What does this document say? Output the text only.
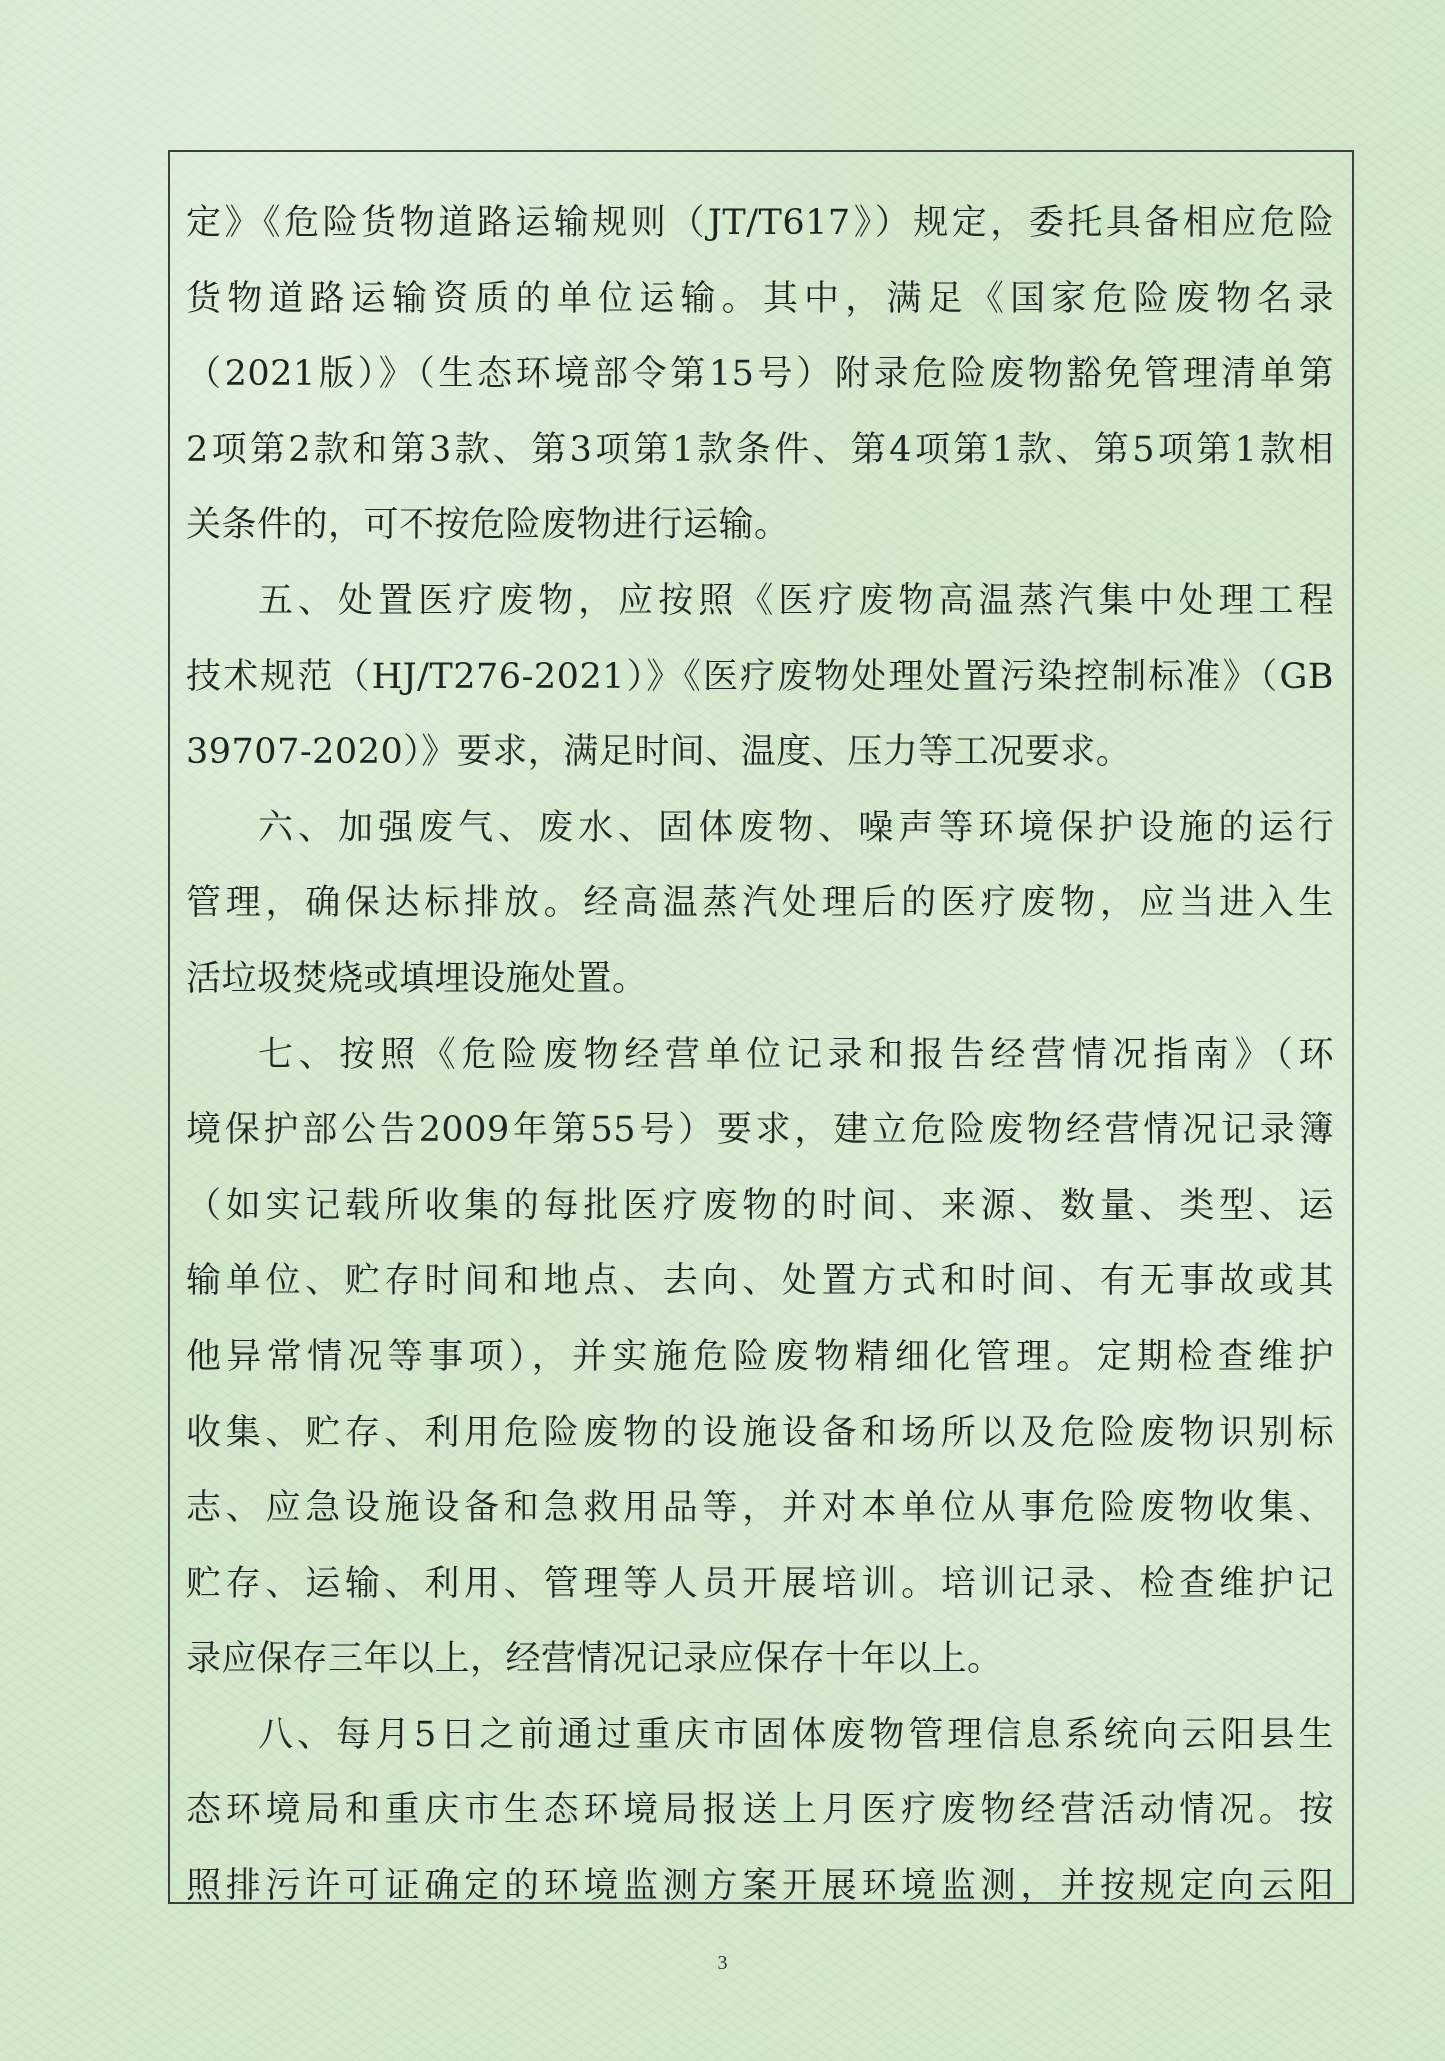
定》《危险货物道路运输规则（JT/T617》）规定，委托具备相应危险
货物道路运输资质的单位运输。其中，满足《国家危险废物名录
（2021版）》（生态环境部令第15号）附录危险废物豁免管理清单第
2项第2款和第3款、第3项第1款条件、第4项第1款、第5项第1款相
关条件的，可不按危险废物进行运输。
五、处置医疗废物，应按照《医疗废物高温蒸汽集中处理工程
技术规范（HJ/T276-2021）》《医疗废物处理处置污染控制标准》（GB
39707-2020）》要求，满足时间、温度、压力等工况要求。
六、加强废气、废水、固体废物、噪声等环境保护设施的运行
管理，确保达标排放。经高温蒸汽处理后的医疗废物，应当进入生
活垃圾焚烧或填埋设施处置。
七、按照《危险废物经营单位记录和报告经营情况指南》（环
境保护部公告2009年第55号）要求，建立危险废物经营情况记录簿
（如实记载所收集的每批医疗废物的时间、来源、数量、类型、运
输单位、贮存时间和地点、去向、处置方式和时间、有无事故或其
他异常情况等事项），并实施危险废物精细化管理。定期检查维护
收集、贮存、利用危险废物的设施设备和场所以及危险废物识别标
志、应急设施设备和急救用品等，并对本单位从事危险废物收集、
贮存、运输、利用、管理等人员开展培训。培训记录、检查维护记
录应保存三年以上，经营情况记录应保存十年以上。
八、每月5日之前通过重庆市固体废物管理信息系统向云阳县生
态环境局和重庆市生态环境局报送上月医疗废物经营活动情况。按
照排污许可证确定的环境监测方案开展环境监测，并按规定向云阳
3
